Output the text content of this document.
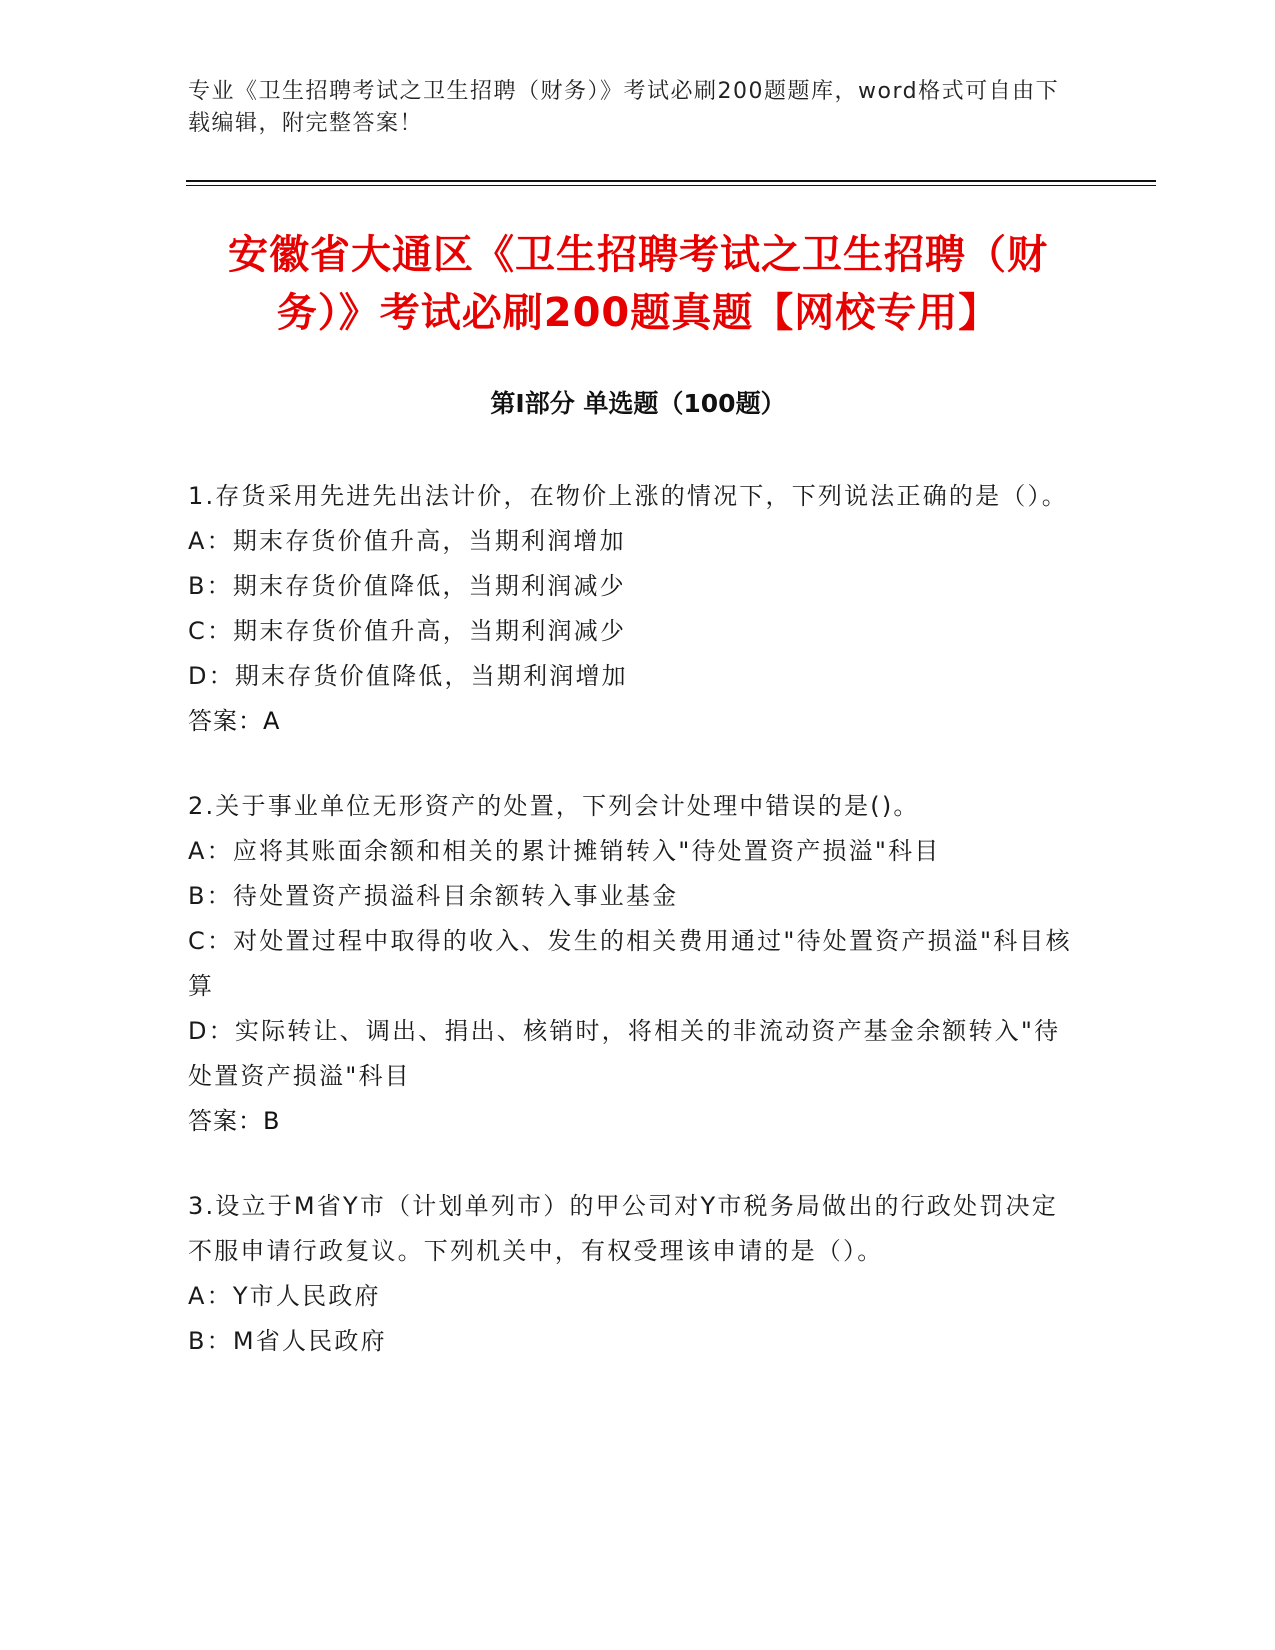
专业《卫生招聘考试之卫生招聘（财务）》考试必刷200题题库，word格式可自由下载编辑，附完整答案！
安徽省大通区《卫生招聘考试之卫生招聘（财务）》考试必刷200题真题【网校专用】
第I部分 单选题（100题）
1.存货采用先进先出法计价，在物价上涨的情况下，下列说法正确的是（）。
A：期末存货价值升高，当期利润增加
B：期末存货价值降低，当期利润减少
C：期末存货价值升高，当期利润减少
D：期末存货价值降低，当期利润增加
答案：A
2.关于事业单位无形资产的处置，下列会计处理中错误的是()。
A：应将其账面余额和相关的累计摊销转入"待处置资产损溢"科目
B：待处置资产损溢科目余额转入事业基金
C：对处置过程中取得的收入、发生的相关费用通过"待处置资产损溢"科目核算
D：实际转让、调出、捐出、核销时，将相关的非流动资产基金余额转入"待处置资产损溢"科目
答案：B
3.设立于M省Y市（计划单列市）的甲公司对Y市税务局做出的行政处罚决定不服申请行政复议。下列机关中，有权受理该申请的是（）。
A：Y市人民政府
B：M省人民政府
